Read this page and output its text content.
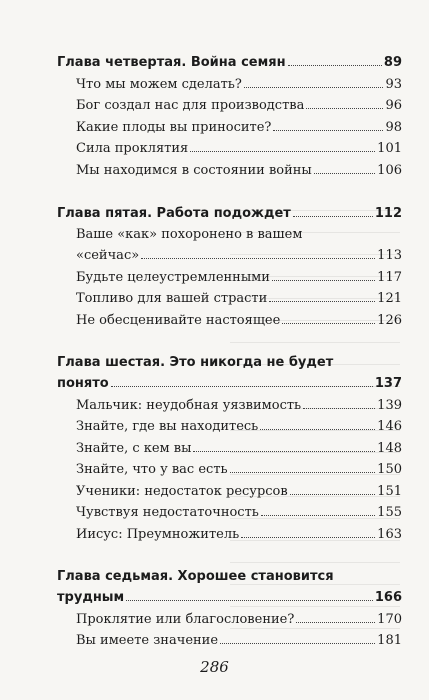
Глава четвертая. Война семян	89
Что мы можем сделать?	93
Бог создал нас для производства	96
Какие плоды вы приносите?	98
Сила проклятия	101
Мы находимся в состоянии войны	106
Глава пятая. Работа подождет	112
Ваше «как» похоронено в вашем
«сейчас»	113
Будьте целеустремленными	117
Топливо для вашей страсти	121
Не обесценивайте настоящее	126
Глава шестая. Это никогда не будет
понято	137
Мальчик: неудобная уязвимость	139
Знайте, где вы находитесь	146
Знайте, с кем вы	148
Знайте, что у вас есть	150
Ученики: недостаток ресурсов	151
Чувствуя недостаточность	155
Иисус: Преумножитель	163
Глава седьмая. Хорошее становится
трудным	166
Проклятие или благословение?	170
Вы имеете значение	181
286
